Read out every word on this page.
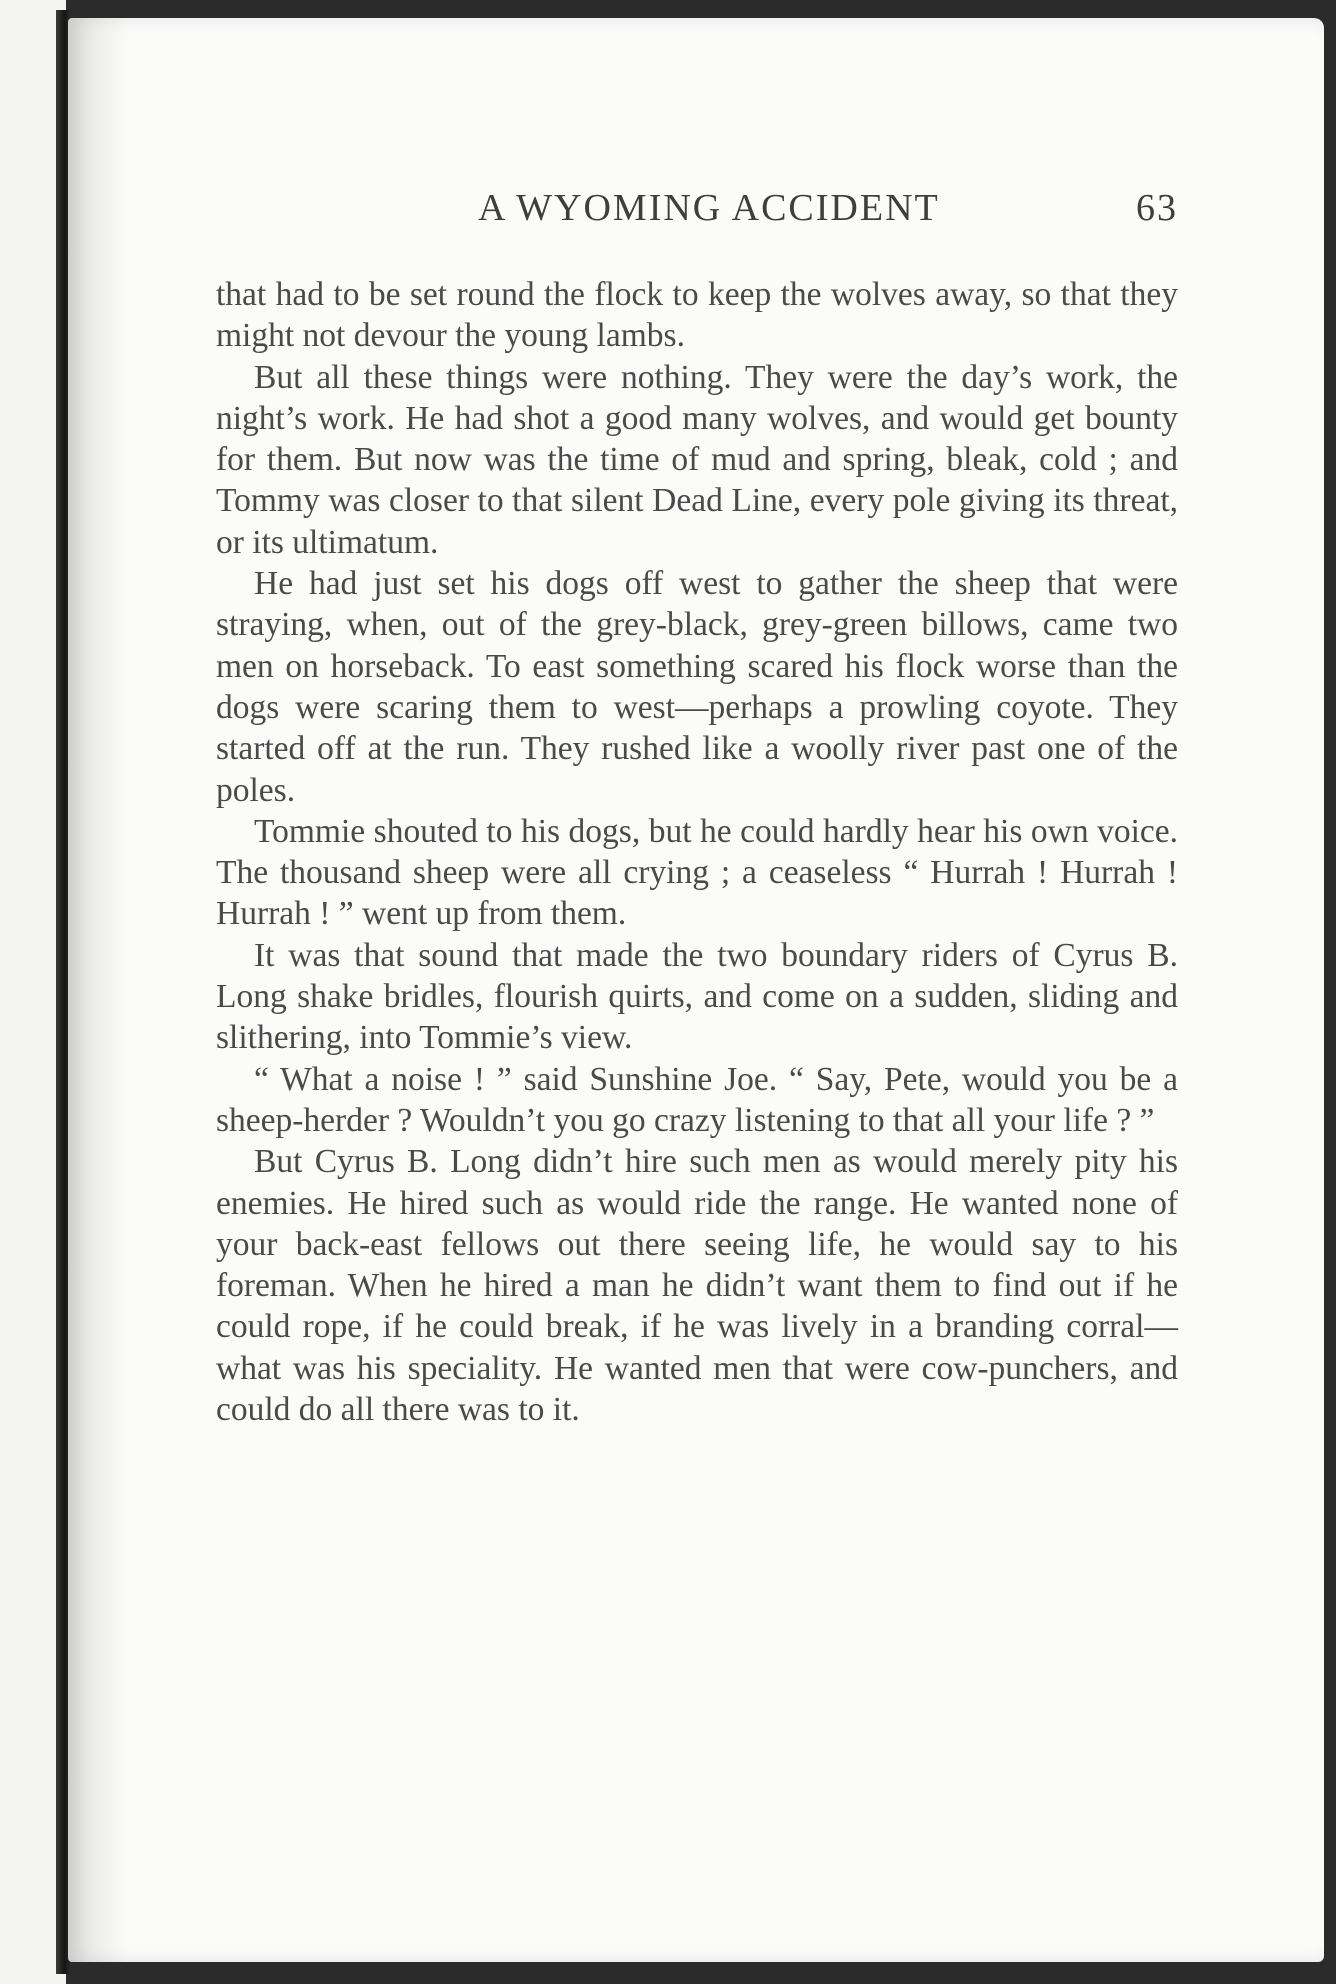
A WYOMING ACCIDENT	63

that had to be set round the flock to keep the wolves away, so that they might not devour the young lambs.

But all these things were nothing. They were the day’s work, the night’s work. He had shot a good many wolves, and would get bounty for them. But now was the time of mud and spring, bleak, cold ; and Tommy was closer to that silent Dead Line, every pole giving its threat, or its ultimatum.

He had just set his dogs off west to gather the sheep that were straying, when, out of the grey-black, grey-green billows, came two men on horseback. To east something scared his flock worse than the dogs were scaring them to west—perhaps a prowling coyote. They started off at the run. They rushed like a woolly river past one of the poles.

Tommie shouted to his dogs, but he could hardly hear his own voice. The thousand sheep were all crying ; a ceaseless “ Hurrah ! Hurrah ! Hurrah ! ” went up from them.

It was that sound that made the two boundary riders of Cyrus B. Long shake bridles, flourish quirts, and come on a sudden, sliding and slithering, into Tommie’s view.

“ What a noise ! ” said Sunshine Joe. “ Say, Pete, would you be a sheep-herder ? Wouldn’t you go crazy listening to that all your life ? ”

But Cyrus B. Long didn’t hire such men as would merely pity his enemies. He hired such as would ride the range. He wanted none of your back-east fellows out there seeing life, he would say to his foreman. When he hired a man he didn’t want them to find out if he could rope, if he could break, if he was lively in a branding corral—what was his speciality. He wanted men that were cow-punchers, and could do all there was to it.
